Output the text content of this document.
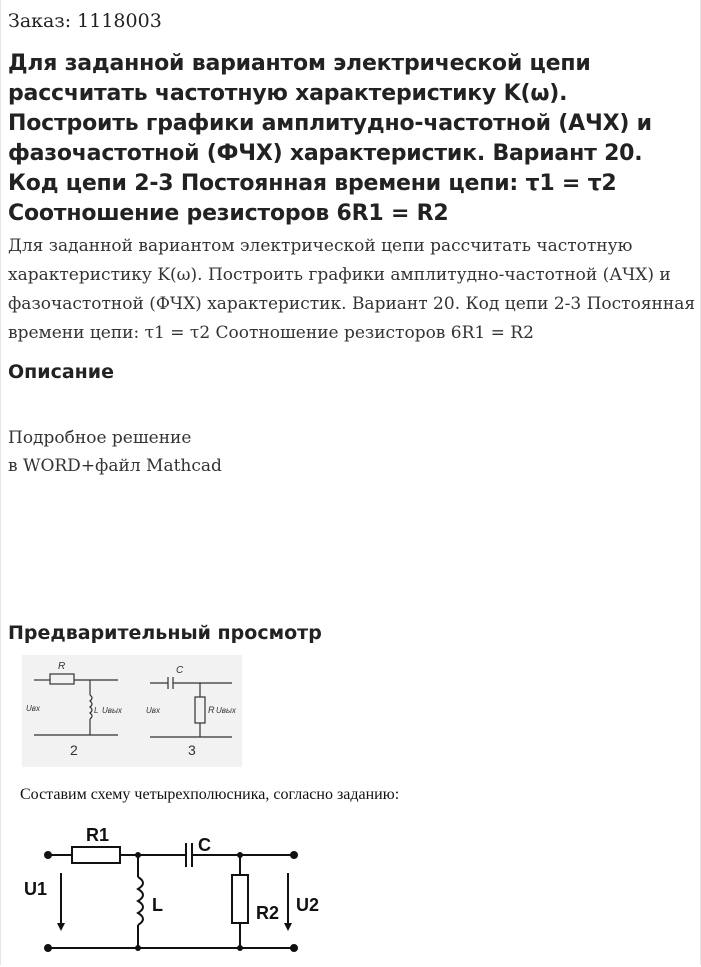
Заказ: 1118003
Для заданной вариантом электрической цепи рассчитать частотную характеристику K(ω). Построить графики амплитудно-частотной (АЧХ) и фазочастотной (ФЧХ) характеристик. Вариант 20. Код цепи 2-3 Постоянная времени цепи: τ1 = τ2 Соотношение резисторов 6R1 = R2
Для заданной вариантом электрической цепи рассчитать частотную характеристику K(ω). Построить графики амплитудно-частотной (АЧХ) и фазочастотной (ФЧХ) характеристик. Вариант 20. Код цепи 2-3 Постоянная времени цепи: τ1 = τ2 Соотношение резисторов 6R1 = R2
Описание
Подробное решение
в WORD+файл Mathcad
Предварительный просмотр
R
Uвх	L Uвых
2
C
Uвх	R Uвых
3
Составим схему четырехполюсника, согласно заданию:
R1	C
U1
L	R2 U2
